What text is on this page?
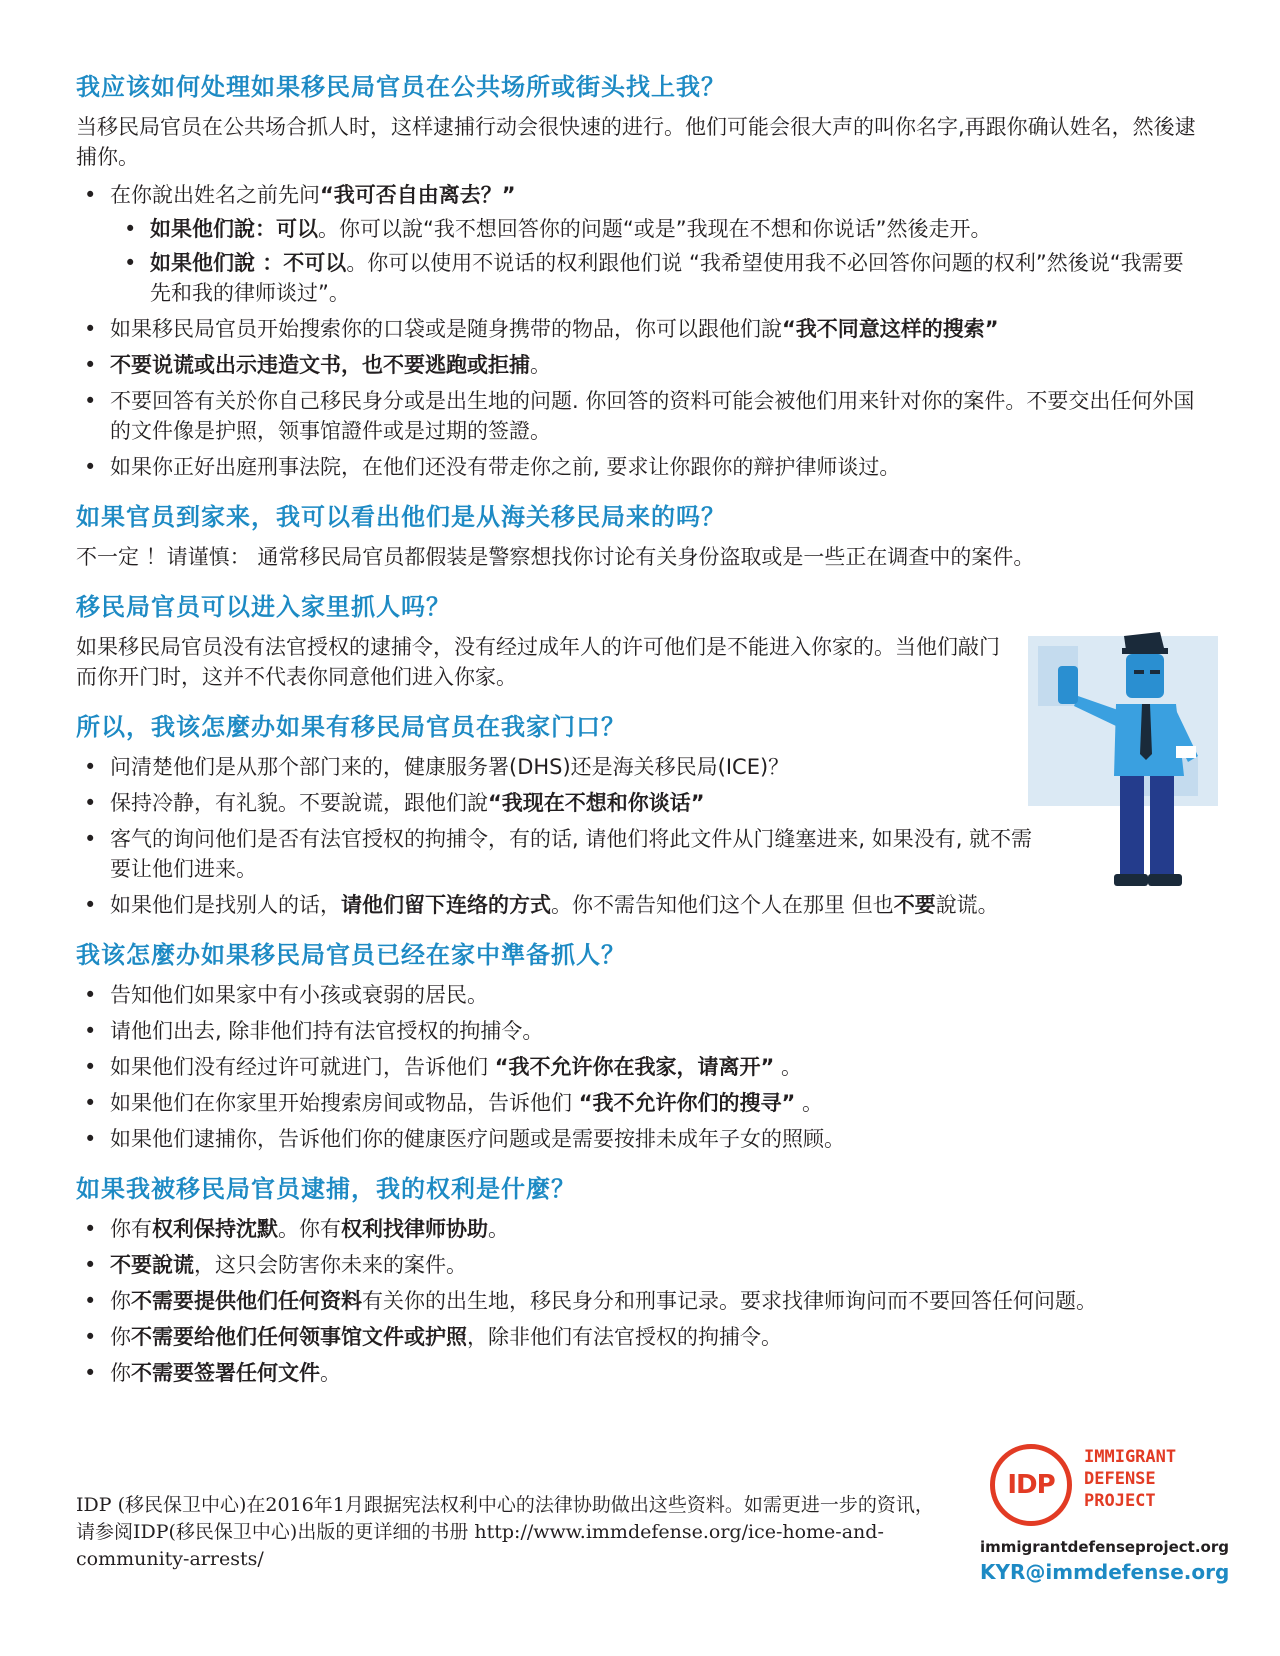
我应该如何处理如果移民局官员在公共场所或街头找上我？

当移民局官员在公共场合抓人时，这样逮捕行动会很快速的进行。他们可能会很大声的叫你名字,再跟你确认姓名，然後逮捕你。

• 在你說出姓名之前先问“我可否自由离去？”
• 如果他们說：可以。你可以說“我不想回答你的问题“或是”我现在不想和你说话”然後走开。
• 如果他们說 ：不可以。你可以使用不说话的权利跟他们说 “我希望使用我不必回答你问题的权利”然後说“我需要先和我的律师谈过”。
• 如果移民局官员开始搜索你的口袋或是随身携带的物品，你可以跟他们說“我不同意这样的搜索”
• 不要说谎或出示违造文书，也不要逃跑或拒捕。
• 不要回答有关於你自己移民身分或是出生地的问题. 你回答的资料可能会被他们用来针对你的案件。不要交出任何外国的文件像是护照，领事馆證件或是过期的签證。
• 如果你正好出庭刑事法院，在他们还没有带走你之前, 要求让你跟你的辩护律师谈过。
如果官员到家来，我可以看出他们是从海关移民局来的吗？

不一定 ！请谨慎： 通常移民局官员都假装是警察想找你讨论有关身份盗取或是一些正在调查中的案件。

移民局官员可以进入家里抓人吗？

如果移民局官员没有法官授权的逮捕令，没有经过成年人的许可他们是不能进入你家的。当他们敲门而你开门时，这并不代表你同意他们进入你家。

所以，我该怎麼办如果有移民局官员在我家门口？
• 问清楚他们是从那个部门来的，健康服务署(DHS)还是海关移民局(ICE)？
• 保持冷静，有礼貌。不要說谎，跟他们說“我现在不想和你谈话”
• 客气的询问他们是否有法官授权的拘捕令，有的话, 请他们将此文件从门缝塞进来, 如果没有, 就不需要让他们进来。
• 如果他们是找别人的话，请他们留下连络的方式。你不需告知他们这个人在那里 但也不要說谎。
我该怎麼办如果移民局官员已经在家中準备抓人？
• 告知他们如果家中有小孩或衰弱的居民。
• 请他们出去, 除非他们持有法官授权的拘捕令。
• 如果他们没有经过许可就进门，告诉他们 “我不允许你在我家，请离开” 。
• 如果他们在你家里开始搜索房间或物品，告诉他们 “我不允许你们的搜寻” 。
• 如果他们逮捕你，告诉他们你的健康医疗问题或是需要按排未成年子女的照顾。
如果我被移民局官员逮捕，我的权利是什麼？
• 你有权利保持沈默。你有权利找律师协助。
• 不要說谎，这只会防害你未来的案件。
• 你不需要提供他们任何资料有关你的出生地，移民身分和刑事记录。要求找律师询问而不要回答任何问题。
• 你不需要给他们任何领事馆文件或护照，除非他们有法官授权的拘捕令。
• 你不需要签署任何文件。
IDP (移民保卫中心)在2016年1月跟据宪法权利中心的法律协助做出这些资料。如需更进一步的资讯，请参阅IDP(移民保卫中心)出版的更详细的书册 http://www.immdefense.org/ice-home-and-community-arrests/
IDP
IMMIGRANT
DEFENSE
PROJECT
immigrantdefenseproject.org
KYR@immdefense.org
